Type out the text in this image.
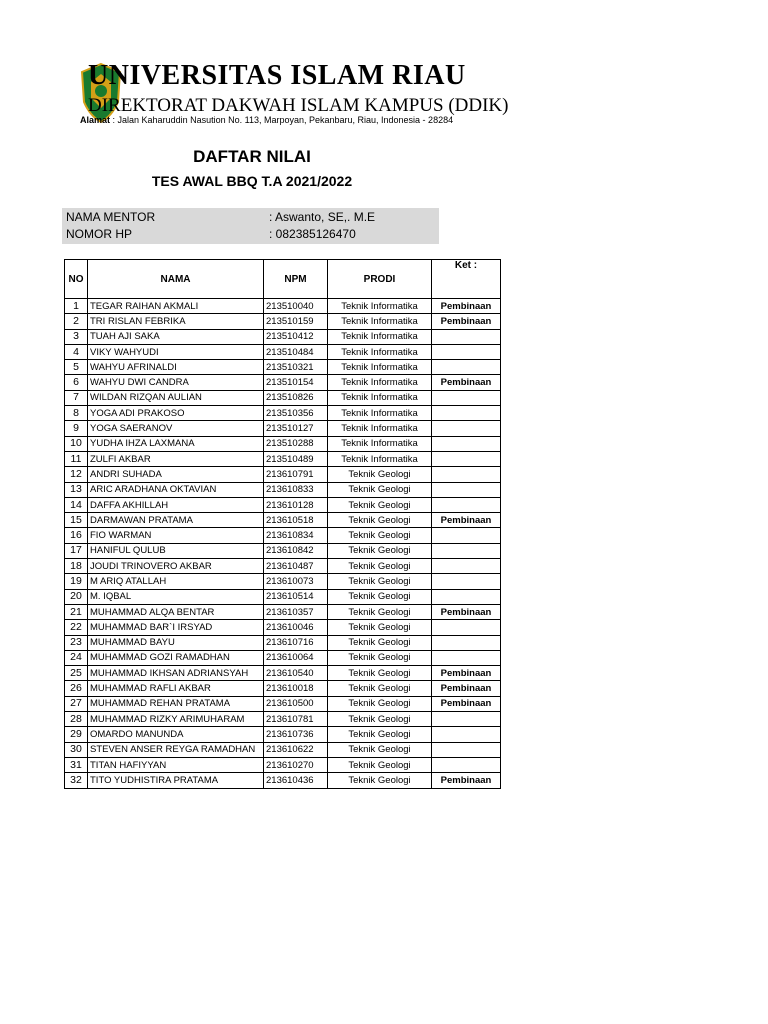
UNIVERSITAS ISLAM RIAU
DIREKTORAT DAKWAH ISLAM KAMPUS (DDIK)
Alamat : Jalan Kaharuddin Nasution No. 113, Marpoyan, Pekanbaru, Riau, Indonesia - 28284
DAFTAR NILAI
TES AWAL BBQ T.A 2021/2022
NAMA MENTOR	: Aswanto, SE,. M.E
NOMOR HP	: 082385126470
NO	NAMA	NPM	PRODI	Ket :
1	TEGAR RAIHAN AKMALI	213510040	Teknik Informatika	Pembinaan
2	TRI RISLAN FEBRIKA	213510159	Teknik Informatika	Pembinaan
3	TUAH AJI SAKA	213510412	Teknik Informatika	
4	VIKY WAHYUDI	213510484	Teknik Informatika	
5	WAHYU AFRINALDI	213510321	Teknik Informatika	
6	WAHYU DWI CANDRA	213510154	Teknik Informatika	Pembinaan
7	WILDAN RIZQAN AULIAN	213510826	Teknik Informatika	
8	YOGA ADI PRAKOSO	213510356	Teknik Informatika	
9	YOGA SAERANOV	213510127	Teknik Informatika	
10	YUDHA IHZA LAXMANA	213510288	Teknik Informatika	
11	ZULFI AKBAR	213510489	Teknik Informatika	
12	ANDRI SUHADA	213610791	Teknik Geologi	
13	ARIC ARADHANA OKTAVIAN	213610833	Teknik Geologi	
14	DAFFA AKHILLAH	213610128	Teknik Geologi	
15	DARMAWAN PRATAMA	213610518	Teknik Geologi	Pembinaan
16	FIO WARMAN	213610834	Teknik Geologi	
17	HANIFUL QULUB	213610842	Teknik Geologi	
18	JOUDI TRINOVERO AKBAR	213610487	Teknik Geologi	
19	M ARIQ ATALLAH	213610073	Teknik Geologi	
20	M. IQBAL	213610514	Teknik Geologi	
21	MUHAMMAD ALQA BENTAR	213610357	Teknik Geologi	Pembinaan
22	MUHAMMAD BAR`I IRSYAD	213610046	Teknik Geologi	
23	MUHAMMAD BAYU	213610716	Teknik Geologi	
24	MUHAMMAD GOZI RAMADHAN	213610064	Teknik Geologi	
25	MUHAMMAD IKHSAN ADRIANSYAH	213610540	Teknik Geologi	Pembinaan
26	MUHAMMAD RAFLI AKBAR	213610018	Teknik Geologi	Pembinaan
27	MUHAMMAD REHAN PRATAMA	213610500	Teknik Geologi	Pembinaan
28	MUHAMMAD RIZKY ARIMUHARAM	213610781	Teknik Geologi	
29	OMARDO MANUNDA	213610736	Teknik Geologi	
30	STEVEN ANSER REYGA RAMADHAN	213610622	Teknik Geologi	
31	TITAN HAFIYYAN	213610270	Teknik Geologi	
32	TITO YUDHISTIRA PRATAMA	213610436	Teknik Geologi	Pembinaan
